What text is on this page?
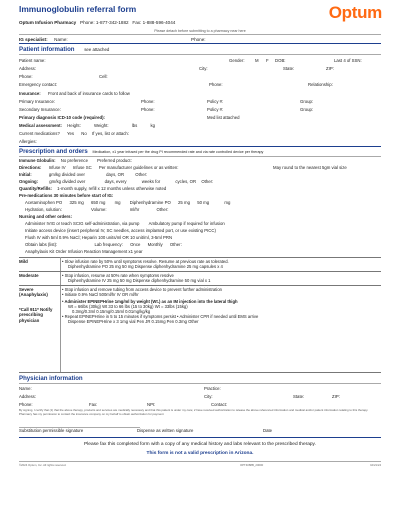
Immunoglobulin referral form	Optum
Optum Infusion Pharmacy Phone: 1-877-342-1882 Fax: 1-888-596-4044
Please detach before submitting to a pharmacy near here
IG specialist: Name:	Phone:
Patient information see attached
Patient name:	Gender: M F DOB:	Last 4 of SSN:
Address:	City:	State:	ZIP:
Phone:	Cell:
Emergency contact:	Phone:	Relationship:
Insurance: Front and back of insurance cards to follow
Primary Insurance:	Phone:	Policy #:	Group:
Secondary Insurance:	Phone:	Policy #:	Group:
Primary diagnosis ICD-10 code (required):	Med list attached
Medical assessment: Height:	Weight:	lbs	kg
Current medications? Yes No If yes, list or attach:
Allergies:
Prescription and orders Medication, x1 year infused per the drug PI recommended rate and via rate controlled device per therapy
Immune Globulin: No preference Preferred product:
Directions: Infuse IV Infuse SC Per manufacturer guidelines or as written:	May round to the nearest 5gm vial size
Initial:	gm/kg divided over	days, OR	Other:
Ongoing:	gm/kg divided over	days, every	weeks for	cycles, OR Other:
Quantity/Refills: 1-month supply, refill x 12 months unless otherwise noted
Pre-medications 30 minutes before start of IG:
Acetaminophen PO 325 mg 650 mg mg Diphenhydramine PO 25 mg 50 mg	mg
Hydration, solution:	Volume:	ml/hr	Other:
Nursing and other orders:
Administer IVIG or teach SCIG self-administration, via pump Ambulatory pump if required for infusion
Initiate access device (insert peripheral IV, SC needles, access implanted port, or use existing PICC)
Flush IV with 5ml 0.9% NaCl; Heparin 100 units/ml OR 10 unit/ml, 3-5ml PRN
Obtain labs (list):	Lab frequency: Once Monthly Other:
Anaphylaxis Kit Order Infusion Reaction Management x1 year
Mild	• Slow infusion rate by 50% until symptoms resolve. Resume at previous rate as tolerated.
Diphenhydramine PO 25 mg 50 mg Dispense diphenhydramine 25 mg capsules x 4
Moderate	• Stop infusion, resume at 50% rate when symptoms resolve
Diphenhydramine IV 25 mg 50 mg Dispense diphenhydramine 50 mg vial x 1
Severe (Anaphylaxis)
• Stop infusion and remove tubing from access device to prevent further administration
• Initiate 0.9% NaCl 500ml/hr IV OR ml/hr
*Call 911* Notify prescribing physician
• Administer EPINEPHrine 1mg/ml by weight (Wt.) as an IM injection into the lateral thigh
Wt = 66lbs (30kg) Wt 33 to 66 lbs (15 to 30kg) Wt = 33lbs (15kg)
0.3mg/0.3ml 0.15mg/0.15ml 0.01mg/kg/kg
• Repeat EPINEPHrine in 5 to 15 minutes if symptoms persist • Administer CPR if needed until EMS arrive
Dispense EPINEPHrine x 3 1mg vial Pen JR 0.15mg Pen 0.3mg Other
Physician information
Name:	Practice:
Address:	City:	State:	ZIP:
Phone:	Fax:	NPI:	Contact:
By signing, I certify that (1) that the above therapy, products and services are medically necessary and that this patient is under my care; 2 have received authorization to release the above referenced information and medical and/or patient information relating to this therapy. Pharmacy has my permission to contact the insurance company on my behalf to obtain authorization for payment
Substitution permissible signature	Dispense as written signature	Date
Please fax this completed form with a copy of any medical history and labs relevant to the prescribed therapy.
This form is not a valid prescription in Arizona.
©2024 Optum, Inc. All rights reserved.	OPT4088B_20000	10/21/24
